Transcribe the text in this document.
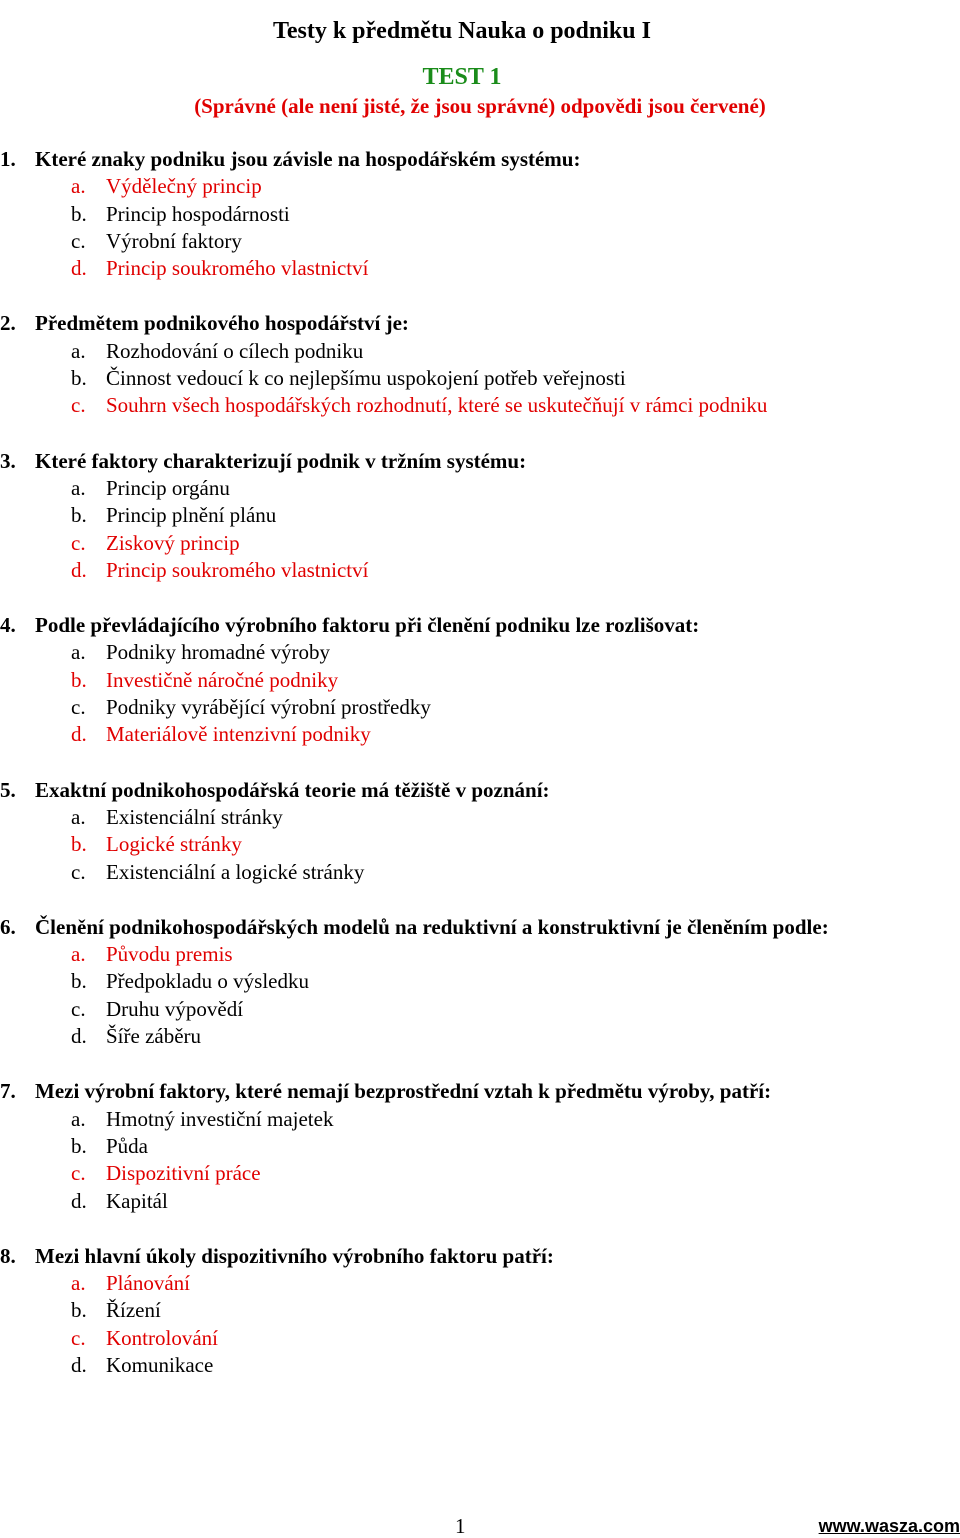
Testy k předmětu Nauka o podniku I
TEST 1
(Správné (ale není jisté, že jsou správné) odpovědi jsou červené)
1. Které znaky podniku jsou závisle na hospodářském systému:
a. Výdělečný princip
b. Princip hospodárnosti
c. Výrobní faktory
d. Princip soukromého vlastnictví
2. Předmětem podnikového hospodářství je:
a. Rozhodování o cílech podniku
b. Činnost vedoucí k co nejlepšímu uspokojení potřeb veřejnosti
c. Souhrn všech hospodářských rozhodnutí, které se uskutečňují v rámci podniku
3. Které faktory charakterizují podnik v tržním systému:
a. Princip orgánu
b. Princip plnění plánu
c. Ziskový princip
d. Princip soukromého vlastnictví
4. Podle převládajícího výrobního faktoru při členění podniku lze rozlišovat:
a. Podniky hromadné výroby
b. Investičně náročné podniky
c. Podniky vyrábějící výrobní prostředky
d. Materiálově intenzivní podniky
5. Exaktní podnikohospodářská teorie má těžiště v poznání:
a. Existenciální stránky
b. Logické stránky
c. Existenciální a logické stránky
6. Členění podnikohospodářských modelů na reduktivní a konstruktivní je členěním podle:
a. Původu premis
b. Předpokladu o výsledku
c. Druhu výpovědí
d. Šíře záběru
7. Mezi výrobní faktory, které nemají bezprostřední vztah k předmětu výroby, patří:
a. Hmotný investiční majetek
b. Půda
c. Dispozitivní práce
d. Kapitál
8. Mezi hlavní úkoly dispozitivního výrobního faktoru patří:
a. Plánování
b. Řízení
c. Kontrolování
d. Komunikace
1	www.wasza.com
